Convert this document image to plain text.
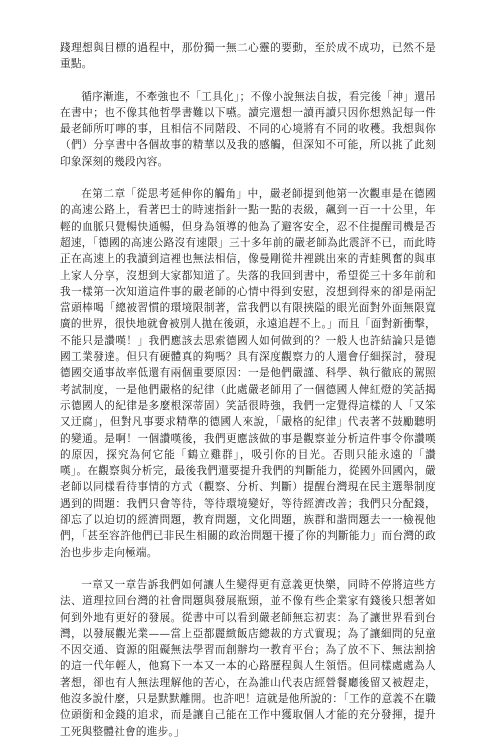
踐理想與目標的過程中，那份獨一無二心靈的要動，至於成不成功，已然不是重點。

循序漸進，不牽強也不「工具化」；不像小說無法自拔，看完後「神」還吊在書中；也不像其他哲學書難以下嚥。讀完還想一讀再讀只因你想熟記每一件最老師所叮嚀的事，且相信不同階段、不同的心境將有不同的收穫。我想與你（們）分享書中各個故事的精華以及我的感觸，但深知不可能，所以挑了此刻印象深刻的幾段內容。

在第二章「從思考延伸你的觸角」中，嚴老師提到他第一次觀車是在德國的高速公路上，看著巴士的時速指針一點一點的表級，飆到一百一十公里，年輕的血脈只覺暢快通暢，但身為領導的他為了避客安全，忍不住提醒司機是否超速，「德國的高速公路沒有速限」三十多年前的嚴老師為此震評不已，而此時正在高速上的我讀到這裡也無法相信，像曼剛從井裡跳出來的青蛙興奮的與車上家人分享，沒想到大家都知道了。失落的我回到書中，希望從三十多年前和我一樣第一次知道這件事的嚴老師的心情中得到安慰，沒想到得來的卻是兩記當頭棒喝「總被習慣的環境限制著，當我們以有限挾隘的眼光面對外面無限寬廣的世界，很快地就會被別人拋在後頭，永遠追趕不上。」而且「面對新衝擊，不能只是讚嘆！」我們應該去思索德國人如何做到的？一般人也許結論只是德國工業發達。但只有硬體真的夠嗎？具有深度觀察力的人還會仔細探討，發現德國交通事故率低還有兩個重要原因：一是他們嚴謹、科學、執行徹底的駕照考試制度，一是他們嚴格的紀律（此處嚴老師用了一個德國人俾紅燈的笑話揭示德國人的紀律是多麼根深蒂固）笑話很時強，我們一定覺得這樣的人「又笨又迂腐」，但對凡事要求精準的德國人來說，「嚴格的紀律」代表著不鼓勵聽明的變通。是啊！一個讚嘆後，我們更應該做的事是觀察並分析這件事令你讚嘆的原因，探究為何它能「鶴立雞群」，吸引你的目光。否則只能永遠的「讚嘆」。在觀察與分析完，最後我們還要提升我們的判斷能力，從國外回國內，嚴老師以同樣看待事情的方式（觀察、分析、判斷）提醒台灣現在民主選舉制度遇到的問題：我們只會等待，等待環境變好，等待經濟改善；我們只分配錢，卻忘了以迫切的經濟問題，教育問題，文化問題，族群和諧問題去一一檢視他們，「甚至容許他們已非民生相關的政治問題干擾了你的判斷能力」而台灣的政治也步步走向極端。

一章又一章告訴我們如何讓人生變得更有意義更快樂，同時不停將這些方法、道理拉回台灣的社會問題與發展瓶頸，並不像有些企業家有錢後只想著如何到外地有更好的發展。從書中可以看到嚴老師無忘初衷：為了讓世界看到台灣，以發展觀光業——當上亞都麗緻飯店總裁的方式實現；為了讓細問的兒童不因交通、資源的阻礙無法學習而創辦均一教育平台；為了放不下、無法割捨的這一代年輕人，他寫下一本又一本的心路歷程與人生領悟。但同樣處處為人著想，卻也有人無法理解他的苦心，在為誰山代表店經營餐廳後留又被趕走，他沒多說什麼，只是默默離開。也許吧！這就是他所說的：「工作的意義不在職位頭銜和金錢的追求，而是讓自己能在工作中獲取個人才能的充分發揮，提升工死與整體社會的進步。」
